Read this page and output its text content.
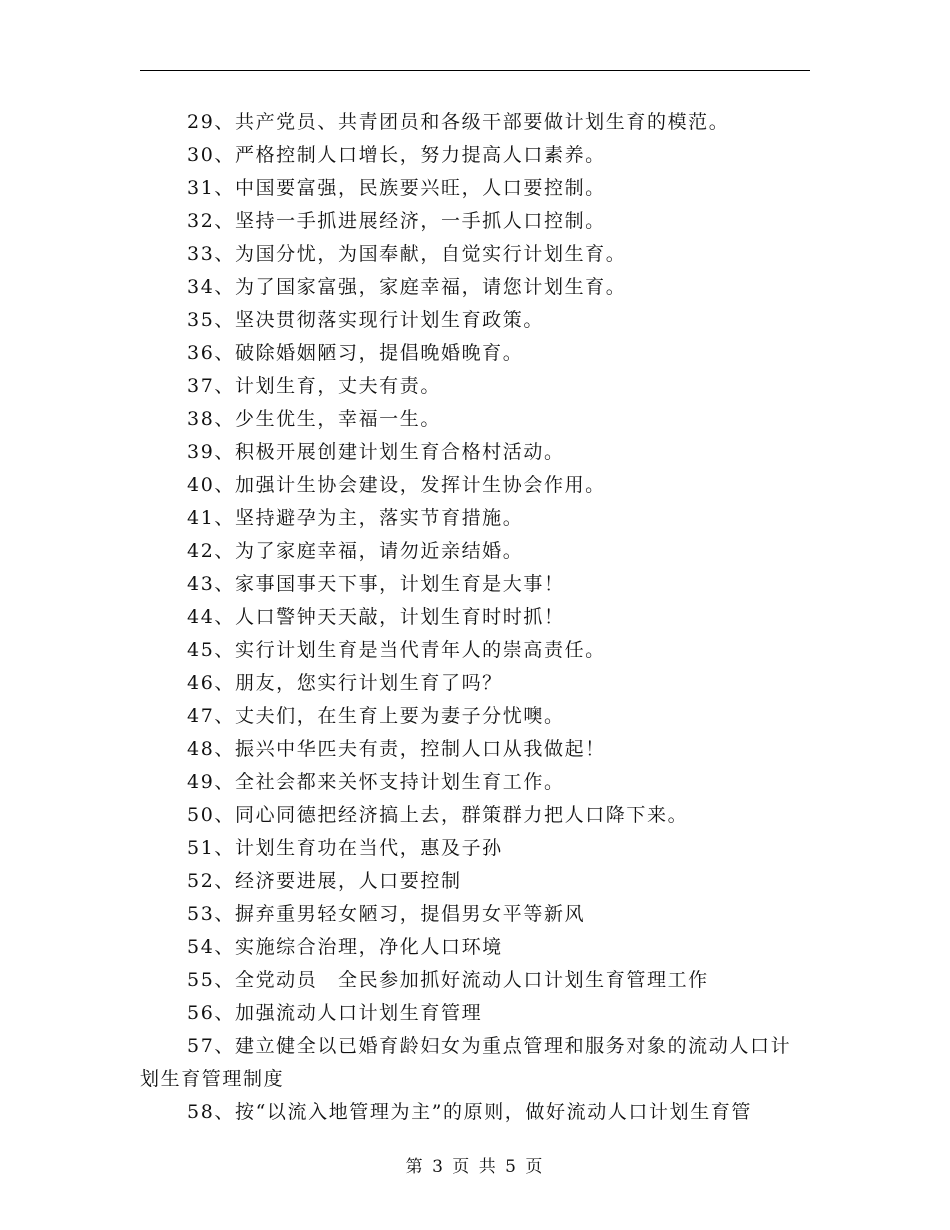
29、共产党员、共青团员和各级干部要做计划生育的模范。

30、严格控制人口增长，努力提高人口素养。

31、中国要富强，民族要兴旺，人口要控制。

32、坚持一手抓进展经济，一手抓人口控制。

33、为国分忧，为国奉献，自觉实行计划生育。

34、为了国家富强，家庭幸福，请您计划生育。

35、坚决贯彻落实现行计划生育政策。

36、破除婚姻陋习，提倡晚婚晚育。

37、计划生育，丈夫有责。

38、少生优生，幸福一生。

39、积极开展创建计划生育合格村活动。

40、加强计生协会建设，发挥计生协会作用。

41、坚持避孕为主，落实节育措施。

42、为了家庭幸福，请勿近亲结婚。

43、家事国事天下事，计划生育是大事！

44、人口警钟天天敲，计划生育时时抓！

45、实行计划生育是当代青年人的崇高责任。

46、朋友，您实行计划生育了吗？

47、丈夫们，在生育上要为妻子分忧噢。

48、振兴中华匹夫有责，控制人口从我做起！

49、全社会都来关怀支持计划生育工作。

50、同心同德把经济搞上去，群策群力把人口降下来。

51、计划生育功在当代，惠及子孙

52、经济要进展，人口要控制

53、摒弃重男轻女陋习，提倡男女平等新风

54、实施综合治理，净化人口环境

55、全党动员　全民参加抓好流动人口计划生育管理工作

56、加强流动人口计划生育管理

57、建立健全以已婚育龄妇女为重点管理和服务对象的流动人口计划生育管理制度

58、按“以流入地管理为主”的原则，做好流动人口计划生育管

第 3 页 共 5 页
